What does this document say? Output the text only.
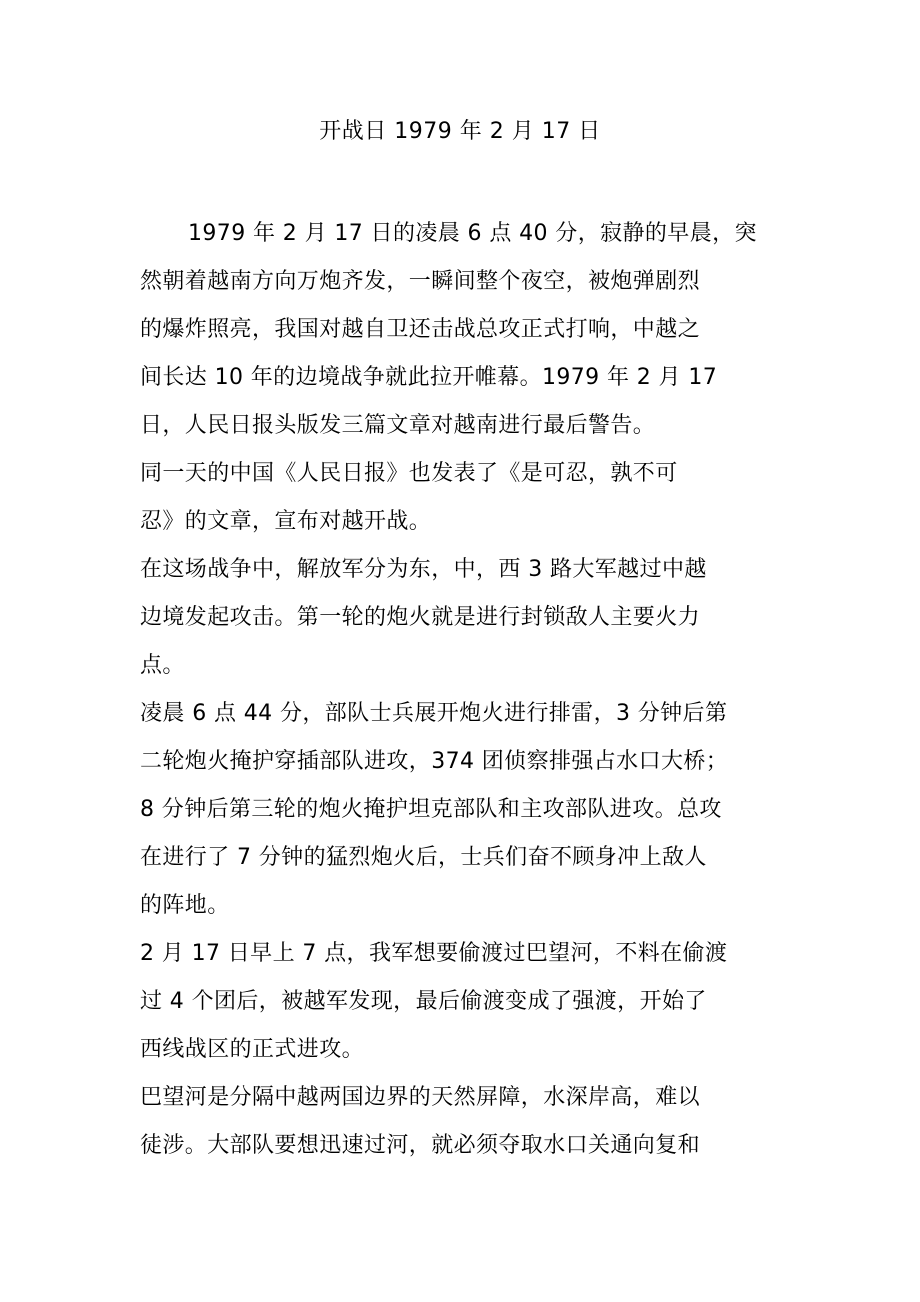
开战日 1979 年 2 月 17 日
1979 年 2 月 17 日的凌晨 6 点 40 分，寂静的早晨，突
然朝着越南方向万炮齐发，一瞬间整个夜空，被炮弹剧烈
的爆炸照亮，我国对越自卫还击战总攻正式打响，中越之
间长达 10 年的边境战争就此拉开帷幕。1979 年 2 月 17
日，人民日报头版发三篇文章对越南进行最后警告。
同一天的中国《人民日报》也发表了《是可忍，孰不可
忍》的文章，宣布对越开战。
在这场战争中，解放军分为东，中，西 3 路大军越过中越
边境发起攻击。第一轮的炮火就是进行封锁敌人主要火力
点。
凌晨 6 点 44 分，部队士兵展开炮火进行排雷，3 分钟后第
二轮炮火掩护穿插部队进攻，374 团侦察排强占水口大桥；
8 分钟后第三轮的炮火掩护坦克部队和主攻部队进攻。总攻
在进行了 7 分钟的猛烈炮火后，士兵们奋不顾身冲上敌人
的阵地。
2 月 17 日早上 7 点，我军想要偷渡过巴望河，不料在偷渡
过 4 个团后，被越军发现，最后偷渡变成了强渡，开始了
西线战区的正式进攻。
巴望河是分隔中越两国边界的天然屏障，水深岸高，难以
徒涉。大部队要想迅速过河，就必须夺取水口关通向复和
